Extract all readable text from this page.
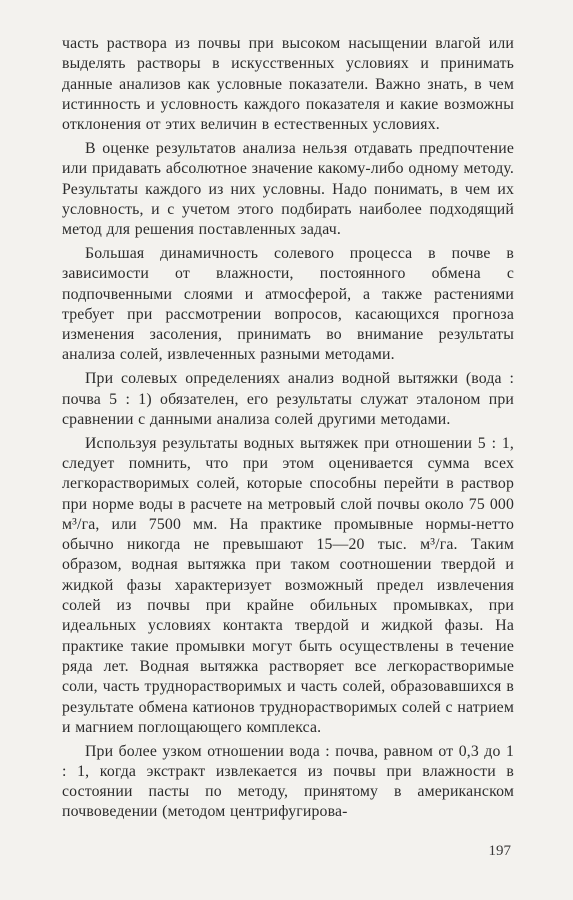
часть раствора из почвы при высоком насыщении влагой или выделять растворы в искусственных условиях и принимать данные анализов как условные показатели. Важно знать, в чем истинность и условность каждого показателя и какие возможны отклонения от этих величин в естественных условиях.

В оценке результатов анализа нельзя отдавать предпочтение или придавать абсолютное значение какому-либо одному методу. Результаты каждого из них условны. Надо понимать, в чем их условность, и с учетом этого подбирать наиболее подходящий метод для решения поставленных задач.

Большая динамичность солевого процесса в почве в зависимости от влажности, постоянного обмена с подпочвенными слоями и атмосферой, а также растениями требует при рассмотрении вопросов, касающихся прогноза изменения засоления, принимать во внимание результаты анализа солей, извлеченных разными методами.

При солевых определениях анализ водной вытяжки (вода : почва 5 : 1) обязателен, его результаты служат эталоном при сравнении с данными анализа солей другими методами.

Используя результаты водных вытяжек при отношении 5 : 1, следует помнить, что при этом оценивается сумма всех легкорастворимых солей, которые способны перейти в раствор при норме воды в расчете на метровый слой почвы около 75 000 м³/га, или 7500 мм. На практике промывные нормы-нетто обычно никогда не превышают 15—20 тыс. м³/га. Таким образом, водная вытяжка при таком соотношении твердой и жидкой фазы характеризует возможный предел извлечения солей из почвы при крайне обильных промывках, при идеальных условиях контакта твердой и жидкой фазы. На практике такие промывки могут быть осуществлены в течение ряда лет. Водная вытяжка растворяет все легкорастворимые соли, часть труднорастворимых и часть солей, образовавшихся в результате обмена катионов труднорастворимых солей с натрием и магнием поглощающего комплекса.

При более узком отношении вода : почва, равном от 0,3 до 1 : 1, когда экстракт извлекается из почвы при влажности в состоянии пасты по методу, принятому в американском почвоведении (методом центрифугирова-

197
